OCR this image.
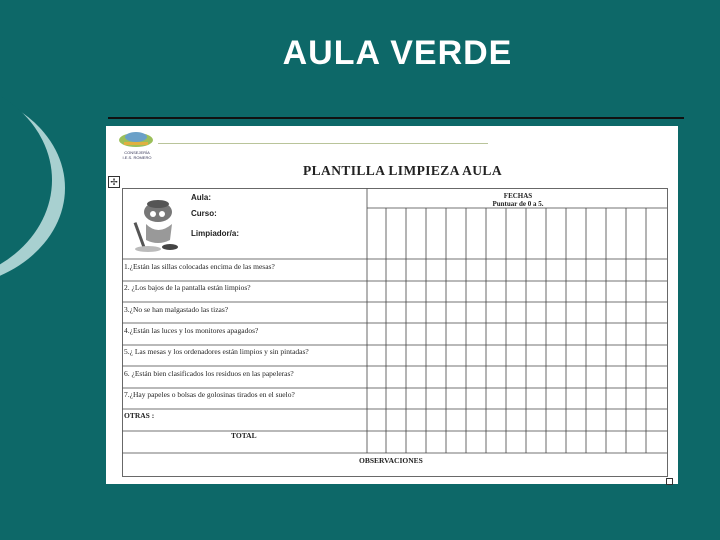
AULA VERDE
CONSEJERÍA
I.E.S. ROMERO
PLANTILLA LIMPIEZA AULA
✢
Aula:
Curso:
Limpiador/a:
FECHAS
Puntuar de 0 a 5.
1.¿Están las sillas colocadas encima de las mesas?
2. ¿Los bajos de la pantalla están limpios?
3.¿No se han malgastado las tizas?
4.¿Están las luces y los monitores apagados?
5.¿ Las mesas y los ordenadores están limpios y sin pintadas?
6. ¿Están bien clasificados los residuos en las papeleras?
7.¿Hay papeles o bolsas de golosinas tirados en el suelo?
OTRAS :
TOTAL
OBSERVACIONES
